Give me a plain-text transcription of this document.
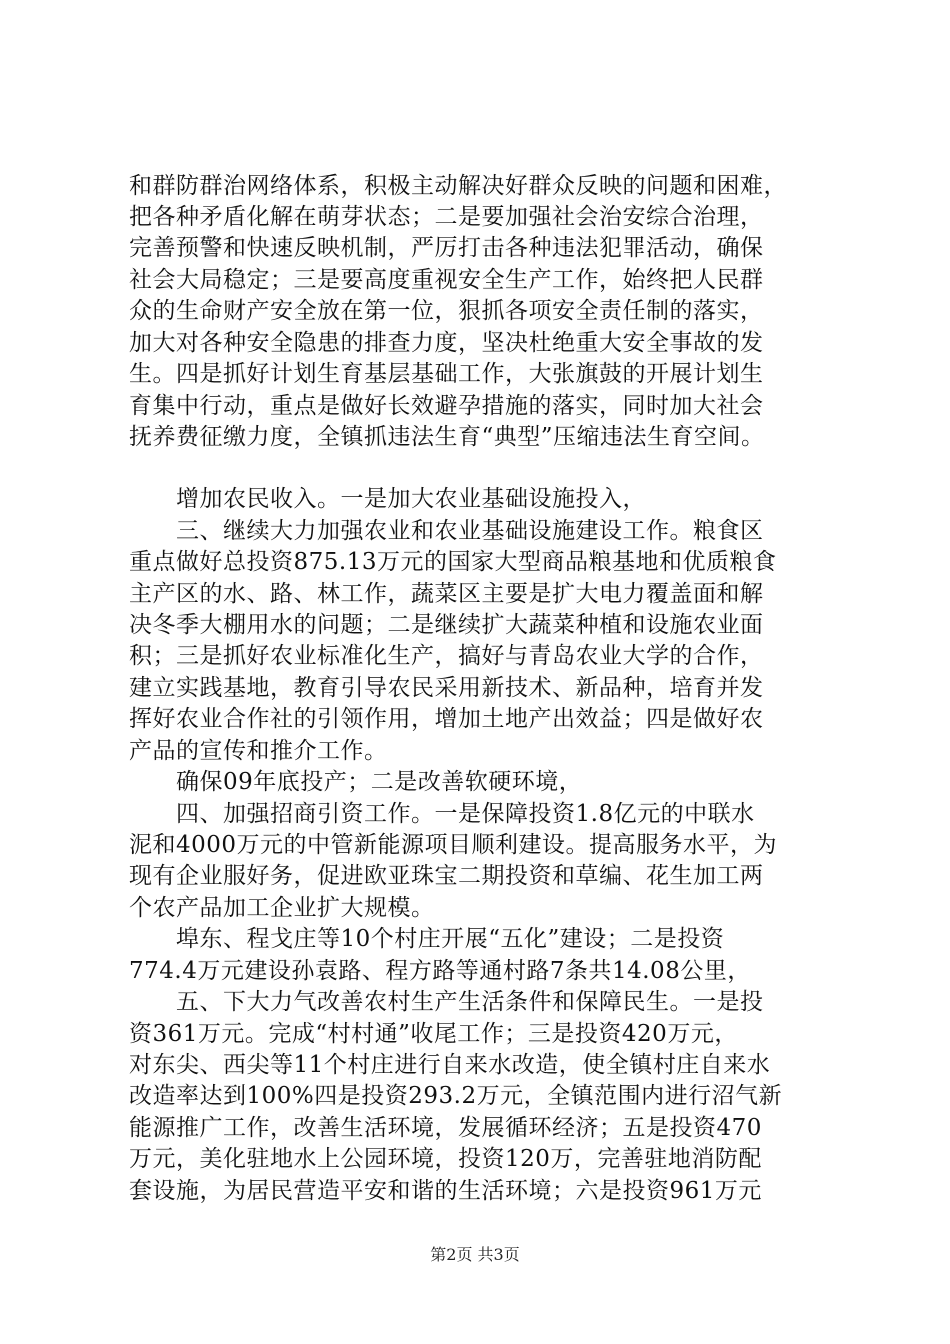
和群防群治网络体系，积极主动解决好群众反映的问题和困难，
把各种矛盾化解在萌芽状态；二是要加强社会治安综合治理，
完善预警和快速反映机制，严厉打击各种违法犯罪活动，确保
社会大局稳定；三是要高度重视安全生产工作，始终把人民群
众的生命财产安全放在第一位，狠抓各项安全责任制的落实，
加大对各种安全隐患的排查力度，坚决杜绝重大安全事故的发
生。四是抓好计划生育基层基础工作，大张旗鼓的开展计划生
育集中行动，重点是做好长效避孕措施的落实，同时加大社会
抚养费征缴力度，全镇抓违法生育“典型”压缩违法生育空间。
　　增加农民收入。一是加大农业基础设施投入，
　　三、继续大力加强农业和农业基础设施建设工作。粮食区
重点做好总投资875.13万元的国家大型商品粮基地和优质粮食
主产区的水、路、林工作，蔬菜区主要是扩大电力覆盖面和解
决冬季大棚用水的问题；二是继续扩大蔬菜种植和设施农业面
积；三是抓好农业标准化生产，搞好与青岛农业大学的合作，
建立实践基地，教育引导农民采用新技术、新品种，培育并发
挥好农业合作社的引领作用，增加土地产出效益；四是做好农
产品的宣传和推介工作。
　　确保09年底投产；二是改善软硬环境，
　　四、加强招商引资工作。一是保障投资1.8亿元的中联水
泥和4000万元的中管新能源项目顺利建设。提高服务水平，为
现有企业服好务，促进欧亚珠宝二期投资和草编、花生加工两
个农产品加工企业扩大规模。
　　埠东、程戈庄等10个村庄开展“五化”建设；二是投资
774.4万元建设孙袁路、程方路等通村路7条共14.08公里，
　　五、下大力气改善农村生产生活条件和保障民生。一是投
资361万元。完成“村村通”收尾工作；三是投资420万元，
对东尖、西尖等11个村庄进行自来水改造，使全镇村庄自来水
改造率达到100%四是投资293.2万元，全镇范围内进行沼气新
能源推广工作，改善生活环境，发展循环经济；五是投资470
万元，美化驻地水上公园环境，投资120万，完善驻地消防配
套设施，为居民营造平安和谐的生活环境；六是投资961万元
第2页 共3页
